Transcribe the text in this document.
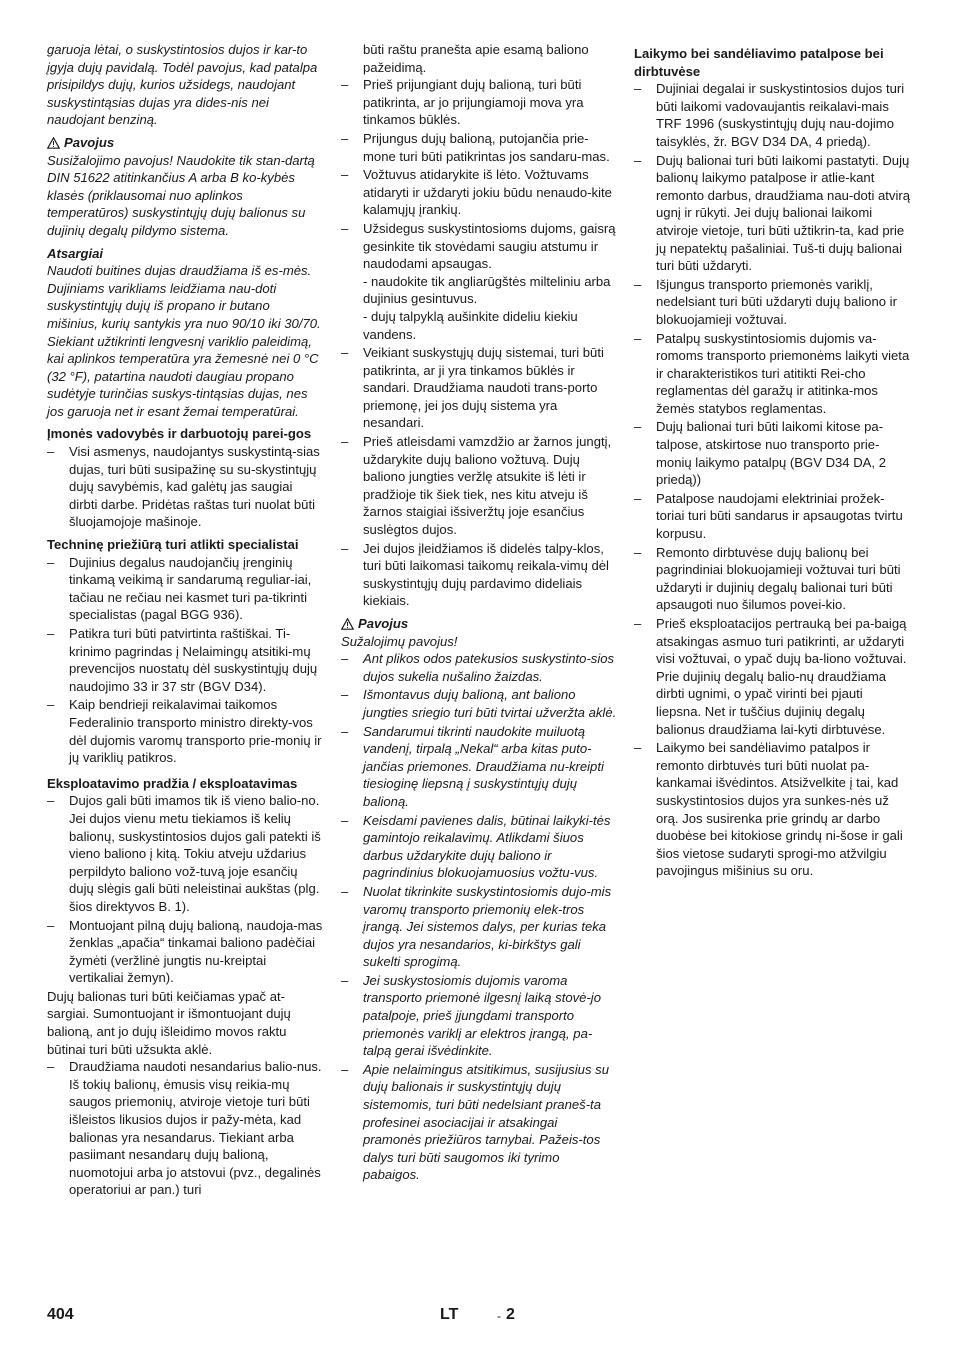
garuoja lėtai, o suskystintosios dujos ir kar-to įgyja dujų pavidalą. Todėl pavojus, kad patalpa prisipildys dujų, kurios užsidegs, naudojant suskystintąsias dujas yra dides-nis nei naudojant benziną.

Pavojus

Susižalojimo pavojus! Naudokite tik stan-dartą DIN 51622 atitinkančius A arba B ko-kybės klasės (priklausomai nuo aplinkos temperatūros) suskystintųjų dujų balionus su dujinių degalų pildymo sistema.

Atsargiai

Naudoti buitines dujas draudžiama iš es-mės. Dujiniams varikliams leidžiama nau-doti suskystintųjų dujų iš propano ir butano mišinius, kurių santykis yra nuo 90/10 iki 30/70. Siekiant užtikrinti lengvesnį variklio paleidimą, kai aplinkos temperatūra yra žemesnė nei 0 °C (32 °F), patartina naudoti daugiau propano sudėtyje turinčias suskys-tintąsias dujas, nes jos garuoja net ir esant žemai temperatūrai.

Įmonės vadovybės ir darbuotojų parei-gos

– Visi asmenys, naudojantys suskystintą-sias dujas, turi būti susipažinę su su-skystintųjų dujų savybėmis, kad galėtų jas saugiai dirbti darbe. Pridėtas raštas turi nuolat būti šluojamojoje mašinoje.

Techninę priežiūrą turi atlikti specialistai

– Dujinius degalus naudojančių įrenginių tinkamą veikimą ir sandarumą reguliar-iai, tačiau ne rečiau nei kasmet turi pa-tikrinti specialistas (pagal BGG 936).
– Patikra turi būti patvirtinta raštiškai. Ti-krinimo pagrindas į Nelaimingų atsitiki-mų prevencijos nuostatų dėl suskystintųjų dujų naudojimo 33 ir 37 str (BGV D34).
– Kaip bendrieji reikalavimai taikomos Federalinio transporto ministro direkty-vos dėl dujomis varomų transporto prie-monių ir jų variklių patikros.

Eksploatavimo pradžia / eksploatavimas

– Dujos gali būti imamos tik iš vieno balio-no. Jei dujos vienu metu tiekiamos iš kelių balionų, suskystintosios dujos gali patekti iš vieno baliono į kitą. Tokiu atveju uždarius perpildyto baliono vož-tuvą joje esančių dujų slėgis gali būti neleistinai aukštas (plg. šios direktyvos B. 1).
– Montuojant pilną dujų balioną, naudoja-mas ženklas „apačia“ tinkamai baliono padėčiai žymėti (veržlinė jungtis nu-kreiptai vertikaliai žemyn).

Dujų balionas turi būti keičiamas ypač at-sargiai. Sumontuojant ir išmontuojant dujų balioną, ant jo dujų išleidimo movos raktu būtinai turi būti užsukta aklė.

– Draudžiama naudoti nesandarius balio-nus. Iš tokių balionų, ėmusis visų reikia-mų saugos priemonių, atviroje vietoje turi būti išleistos likusios dujos ir pažy-mėta, kad balionas yra nesandarus. Tiekiant arba pasiimant nesandarų dujų balioną, nuomotojui arba jo atstovui (pvz., degalinės operatoriui ar pan.) turi

būti raštu pranešta apie esamą baliono pažeidimą.

– Prieš prijungiant dujų balioną, turi būti patikrinta, ar jo prijungiamoji mova yra tinkamos būklės.
– Prijungus dujų balioną, putojančia prie-mone turi būti patikrintas jos sandaru-mas.
– Vožtuvus atidarykite iš lėto. Vožtuvams atidaryti ir uždaryti jokiu būdu nenaudo-kite kalamųjų įrankių.
– Užsidegus suskystintosioms dujoms, gaisrą gesinkite tik stovėdami saugiu atstumu ir naudodami apsaugas.
- naudokite tik angliarūgštės milteliniu arba dujinius gesintuvus.
- dujų talpyklą aušinkite dideliu kiekiu vandens.
– Veikiant suskystųjų dujų sistemai, turi būti patikrinta, ar ji yra tinkamos būklės ir sandari. Draudžiama naudoti trans-porto priemonę, jei jos dujų sistema yra nesandari.
– Prieš atleisdami vamzdžio ar žarnos jungtį, uždarykite dujų baliono vožtuvą. Dujų baliono jungties veržlę atsukite iš lėti ir pradžioje tik šiek tiek, nes kitu atveju iš žarnos staigiai išsiveržtų joje esančius suslėgtos dujos.
– Jei dujos įleidžiamos iš didelės talpy-klos, turi būti laikomasi taikomų reikala-vimų dėl suskystintųjų dujų pardavimo dideliais kiekiais.
Pavojus

Sužalojimų pavojus!

– Ant plikos odos patekusios suskystinto-sios dujos sukelia nušalino žaizdas.
– Išmontavus dujų balioną, ant baliono jungties sriegio turi būti tvirtai užveržta aklė.
– Sandarumui tikrinti naudokite muiluotą vandenį, tirpalą „Nekal“ arba kitas puto-jančias priemones. Draudžiama nu-kreipti tiesioginę liepsną į suskystintųjų dujų balioną.
– Keisdami pavienes dalis, būtinai laikyki-tės gamintojo reikalavimų. Atlikdami šiuos darbus uždarykite dujų baliono ir pagrindinius blokuojamuosius vožtu-vus.
– Nuolat tikrinkite suskystintosiomis dujo-mis varomų transporto priemonių elek-tros įrangą. Jei sistemos dalys, per kurias teka dujos yra nesandarios, ki-birkštys gali sukelti sprogimą.
– Jei suskystosiomis dujomis varoma transporto priemonė ilgesnį laiką stovė-jo patalpoje, prieš įjungdami transporto priemonės variklį ar elektros įrangą, pa-talpą gerai išvėdinkite.
– Apie nelaimingus atsitikimus, susijusius su dujų balionais ir suskystintųjų dujų sistemomis, turi būti nedelsiant praneš-ta profesinei asociacijai ir atsakingai pramonės priežiūros tarnybai. Pažeis-tos dalys turi būti saugomos iki tyrimo pabaigos.

Laikymo bei sandėliavimo patalpose bei dirbtuvėse

– Dujiniai degalai ir suskystintosios dujos turi būti laikomi vadovaujantis reikalavi-mais TRF 1996 (suskystintųjų dujų nau-dojimo taisyklės, žr. BGV D34 DA, 4 priedą).
– Dujų balionai turi būti laikomi pastatyti. Dujų balionų laikymo patalpose ir atlie-kant remonto darbus, draudžiama nau-doti atvirą ugnį ir rūkyti. Jei dujų balionai laikomi atviroje vietoje, turi būti užtikrin-ta, kad prie jų nepatektų pašaliniai. Tuš-ti dujų balionai turi būti uždaryti.
– Išjungus transporto priemonės variklį, nedelsiant turi būti uždaryti dujų baliono ir blokuojamieji vožtuvai.
– Patalpų suskystintosiomis dujomis va-romoms transporto priemonėms laikyti vieta ir charakteristikos turi atitikti Rei-cho reglamentas dėl garažų ir atitinka-mos žemės statybos reglamentas.
– Dujų balionai turi būti laikomi kitose pa-talpose, atskirtose nuo transporto prie-monių laikymo patalpų (BGV D34 DA, 2 priedą))
– Patalpose naudojami elektriniai prožek-toriai turi būti sandarus ir apsaugotas tvirtu korpusu.
– Remonto dirbtuvėse dujų balionų bei pagrindiniai blokuojamieji vožtuvai turi būti uždaryti ir dujinių degalų balionai turi būti apsaugoti nuo šilumos povei-kio.
– Prieš eksploatacijos pertrauką bei pa-baigą atsakingas asmuo turi patikrinti, ar uždaryti visi vožtuvai, o ypač dujų ba-liono vožtuvai. Prie dujinių degalų balio-nų draudžiama dirbti ugnimi, o ypač virinti bei pjauti liepsna. Net ir tuščius dujinių degalų balionus draudžiama lai-kyti dirbtuvėse.
– Laikymo bei sandėliavimo patalpos ir remonto dirbtuvės turi būti nuolat pa-kankamai išvėdintos. Atsižvelkite į tai, kad suskystintosios dujos yra sunkes-nės už orą. Jos susirenka prie grindų ar darbo duobėse bei kitokiose grindų ni-šose ir gali šios vietose sudaryti sprogi-mo atžvilgiu pavojingus mišinius su oru.
404	LT	- 2
